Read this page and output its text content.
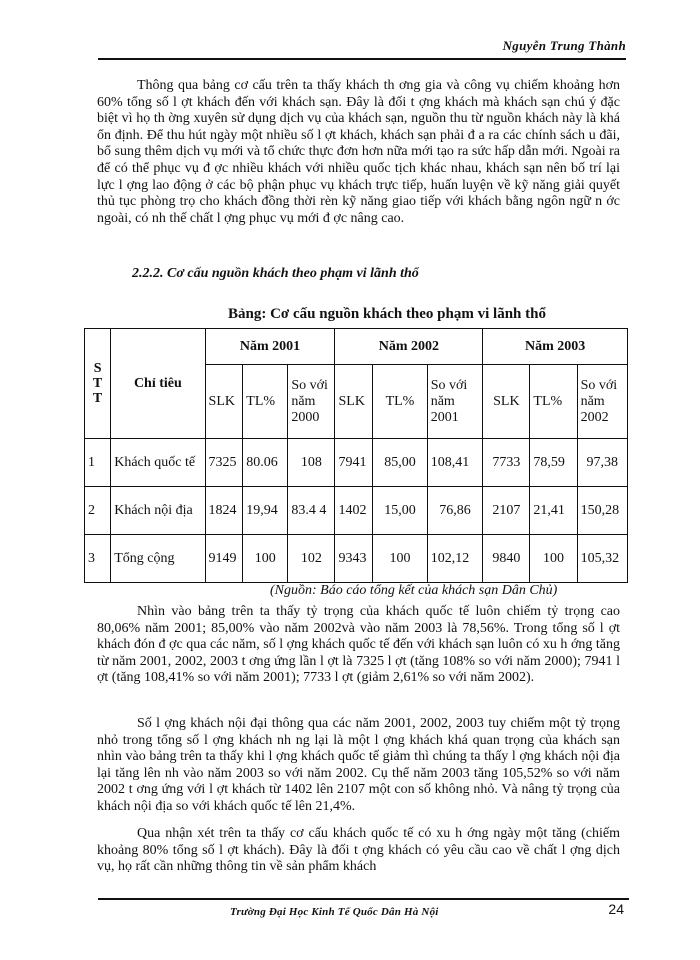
Nguyễn Trung Thành

Thông qua bảng cơ cấu trên ta thấy khách th ơng gia và công vụ chiếm khoảng hơn 60% tổng số l ợt khách đến với khách sạn. Đây là đối t ợng khách mà khách sạn chú ý đặc biệt vì họ th ờng xuyên sử dụng dịch vụ của khách sạn, nguồn thu từ nguồn khách này là khá ổn định. Để thu hút ngày một nhiều số l ợt khách, khách sạn phải đ a ra các chính sách u đãi, bổ sung thêm dịch vụ mới và tổ chức thực đơn hơn nữa mới tạo ra sức hấp dẫn mới. Ngoài ra để có thể phục vụ đ ợc nhiều khách với nhiều quốc tịch khác nhau, khách sạn nên bố trí lại lực l ợng lao động ở các bộ phận phục vụ khách trực tiếp, huấn luyện về kỹ năng giải quyết thủ tục phòng trọ cho khách đồng thời rèn kỹ năng giao tiếp với khách bằng ngôn ngữ n ớc ngoài, có nh thế chất l ợng phục vụ mới đ ợc nâng cao.

2.2.2. Cơ cấu nguồn khách theo phạm vi lãnh thổ
Bảng: Cơ cấu nguồn khách theo phạm vi lãnh thổ
S T T	Chỉ tiêu	Năm 2001			Năm 2002			Năm 2003		
		SLK	TL%	So với năm 2000	SLK	TL%	So với năm 2001	SLK	TL%	So với năm 2002
1	Khách quốc tế	7325	80.06	108	7941	85,00	108,41	7733	78,59	97,38
2	Khách nội địa	1824	19,94	83.4 4	1402	15,00	76,86	2107	21,41	150,28
3	Tổng cộng	9149	100	102	9343	100	102,12	9840	100	105,32
(Nguồn: Báo cáo tổng kết của khách sạn Dân Chủ)

Nhìn vào bảng trên ta thấy tỷ trọng của khách quốc tế luôn chiếm tỷ trọng cao 80,06% năm 2001; 85,00% vào năm 2002và vào năm 2003 là 78,56%. Trong tổng số l ợt khách đón đ ợc qua các năm, số l ợng khách quốc tế đến với khách sạn luôn có xu h ớng tăng từ năm 2001, 2002, 2003 t ơng ứng lần l ợt là 7325 l ợt (tăng 108% so với năm 2000); 7941 l ợt (tăng 108,41% so với năm 2001); 7733 l ợt (giảm 2,61% so với năm 2002).

Số l ợng khách nội đại thông qua các năm 2001, 2002, 2003 tuy chiếm một tỷ trọng nhỏ trong tổng số l ợng khách nh ng lại là một l ợng khách khá quan trọng của khách sạn nhìn vào bảng trên ta thấy khi l ợng khách quốc tế giảm thì chúng ta thấy l ợng khách nội địa lại tăng lên nh vào năm 2003 so với năm 2002. Cụ thể năm 2003 tăng 105,52% so với năm 2002 t ơng ứng với l ợt khách từ 1402 lên 2107 một con số không nhỏ. Và nâng tỷ trọng của khách nội địa so với khách quốc tế lên 21,4%.

Qua nhận xét trên ta thấy cơ cấu khách quốc tế có xu h ớng ngày một tăng (chiếm khoảng 80% tổng số l ợt khách). Đây là đối t ợng khách có yêu cầu cao về chất l ợng dịch vụ, họ rất cần những thông tin về sản phẩm khách

Trường Đại Học Kinh Tế Quốc Dân Hà Nội	24
